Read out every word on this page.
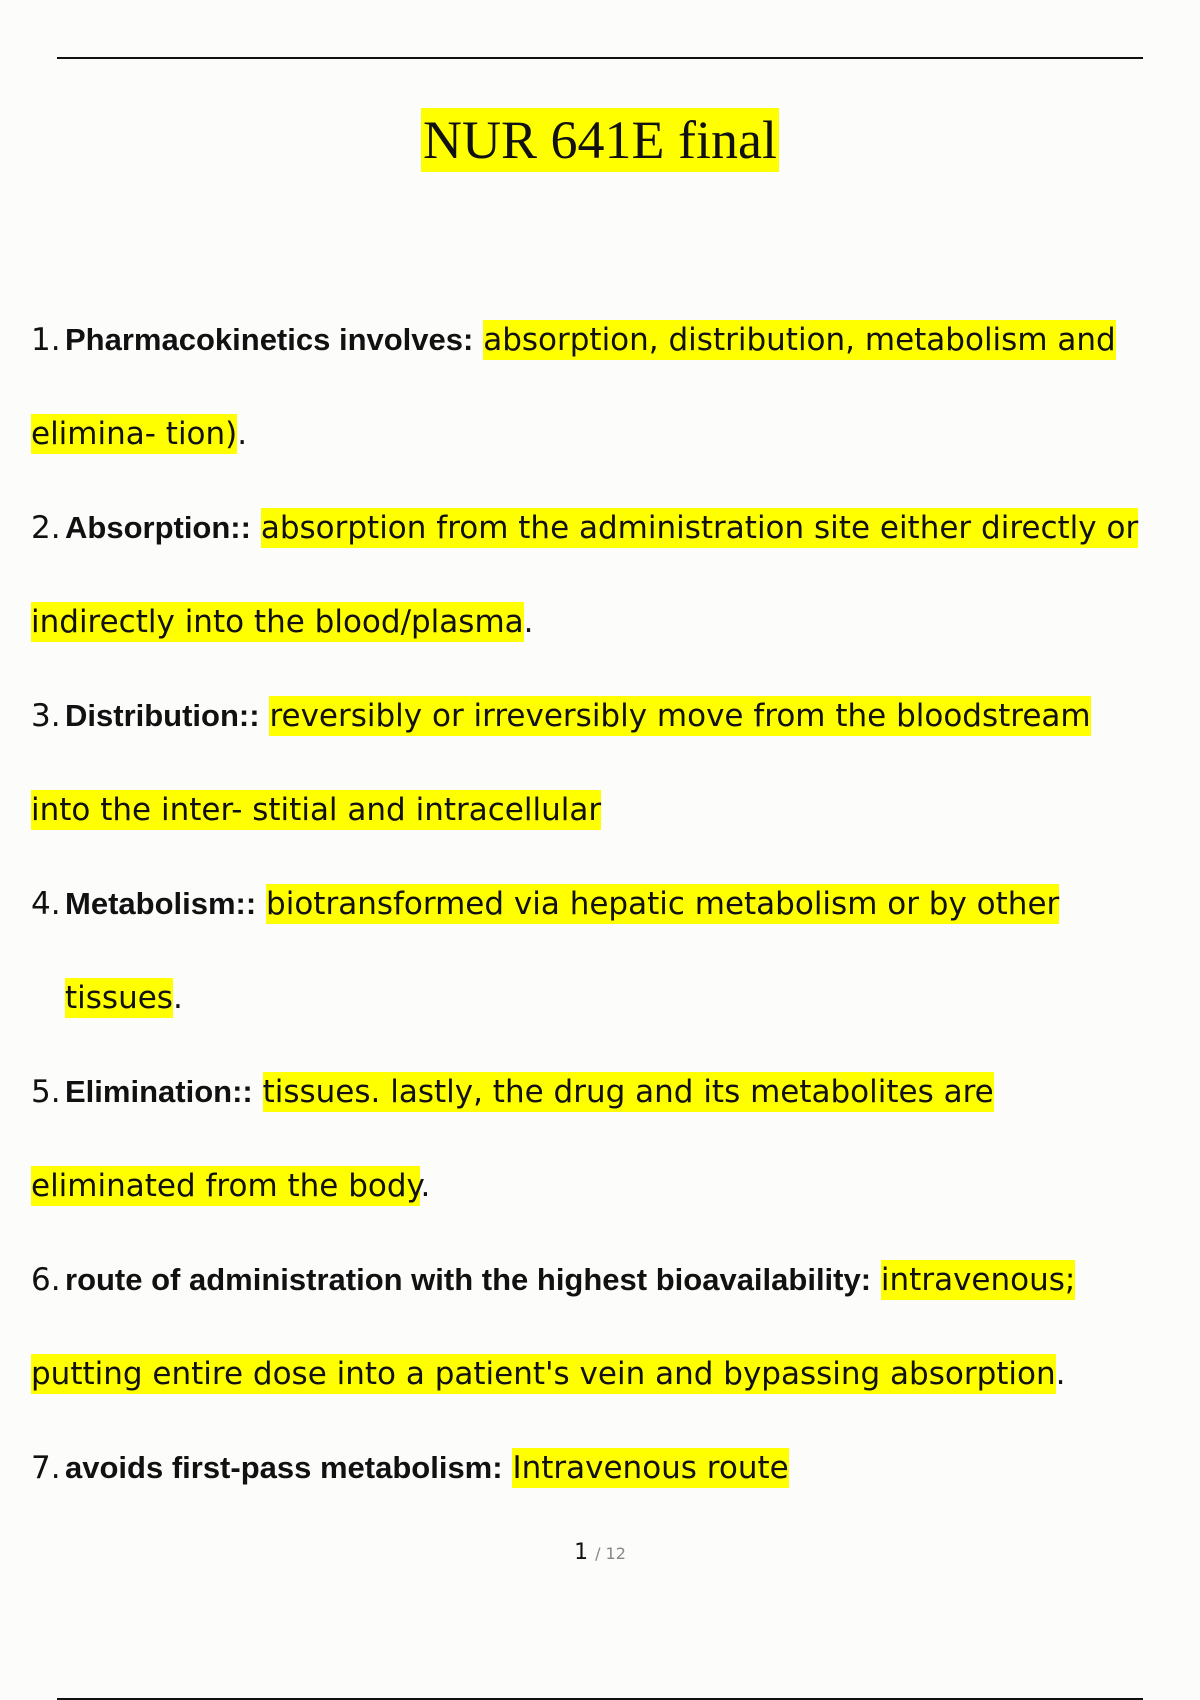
NUR 641E final
1. Pharmacokinetics involves: absorption, distribution, metabolism and
elimina- tion).
2. Absorption:: absorption from the administration site either directly or
indirectly into the blood/plasma.
3. Distribution:: reversibly or irreversibly move from the bloodstream
into the inter- stitial and intracellular
4. Metabolism:: biotransformed via hepatic metabolism or by other
tissues.
5. Elimination:: tissues. lastly, the drug and its metabolites are
eliminated from the body.
6. route of administration with the highest bioavailability: intravenous;
putting entire dose into a patient's vein and bypassing absorption.
7. avoids first-pass metabolism: Intravenous route
1 / 12
